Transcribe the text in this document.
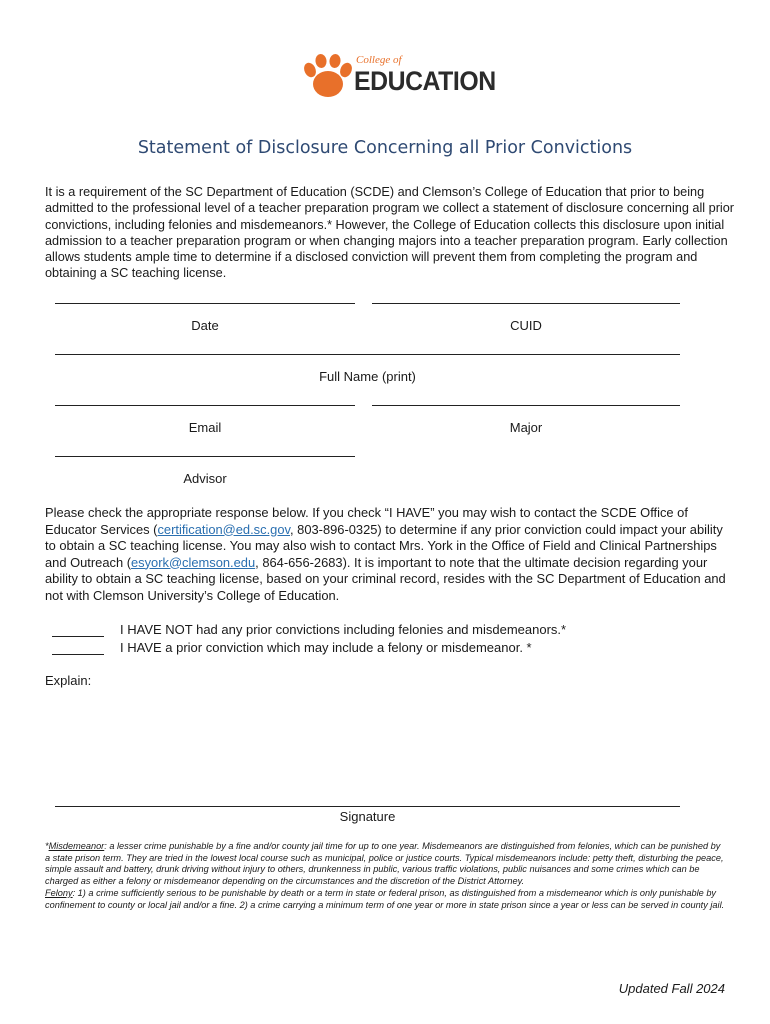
College of
EDUCATION
Statement of Disclosure Concerning all Prior Convictions
It is a requirement of the SC Department of Education (SCDE) and Clemson’s College of Education that prior to being admitted to the professional level of a teacher preparation program we collect a statement of disclosure concerning all prior convictions, including felonies and misdemeanors.* However, the College of Education collects this disclosure upon initial admission to a teacher preparation program or when changing majors into a teacher preparation program. Early collection allows students ample time to determine if a disclosed conviction will prevent them from completing the program and obtaining a SC teaching license.
Date	CUID
Full Name (print)
Email	Major
Advisor
Please check the appropriate response below. If you check “I HAVE” you may wish to contact the SCDE Office of Educator Services (certification@ed.sc.gov, 803-896-0325) to determine if any prior conviction could impact your ability to obtain a SC teaching license. You may also wish to contact Mrs. York in the Office of Field and Clinical Partnerships and Outreach (esyork@clemson.edu, 864-656-2683). It is important to note that the ultimate decision regarding your ability to obtain a SC teaching license, based on your criminal record, resides with the SC Department of Education and not with Clemson University’s College of Education.
I HAVE NOT had any prior convictions including felonies and misdemeanors.*
I HAVE a prior conviction which may include a felony or misdemeanor. *
Explain:
Signature
*Misdemeanor: a lesser crime punishable by a fine and/or county jail time for up to one year. Misdemeanors are distinguished from felonies, which can be punished by a state prison term. They are tried in the lowest local course such as municipal, police or justice courts. Typical misdemeanors include: petty theft, disturbing the peace, simple assault and battery, drunk driving without injury to others, drunkenness in public, various traffic violations, public nuisances and some crimes which can be charged as either a felony or misdemeanor depending on the circumstances and the discretion of the District Attorney.
Felony: 1) a crime sufficiently serious to be punishable by death or a term in state or federal prison, as distinguished from a misdemeanor which is only punishable by confinement to county or local jail and/or a fine. 2) a crime carrying a minimum term of one year or more in state prison since a year or less can be served in county jail.
Updated Fall 2024
